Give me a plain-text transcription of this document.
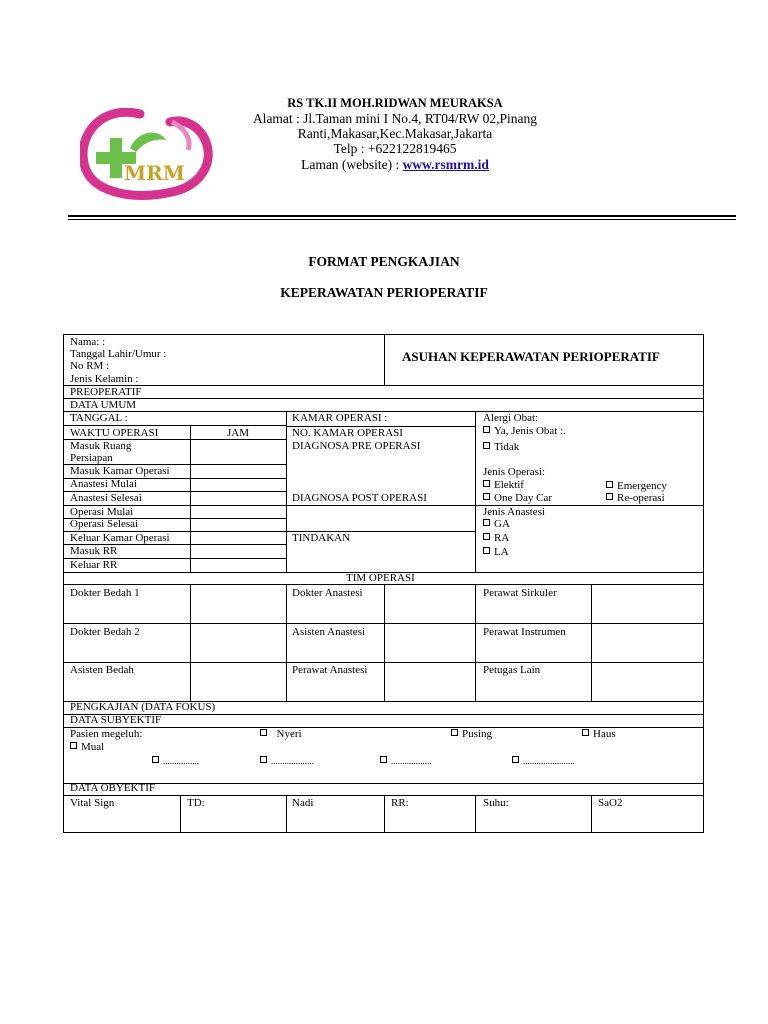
MRM
RS TK.II MOH.RIDWAN MEURAKSA
Alamat : Jl.Taman mini I No.4, RT04/RW 02,Pinang
Ranti,Makasar,Kec.Makasar,Jakarta
Telp : +622122819465
Laman (website) : www.rsmrm.id
FORMAT PENGKAJIAN
KEPERAWATAN PERIOPERATIF
Nama: :
Tanggal Lahir/Umur :
No RM :
Jenis Kelamin :
ASUHAN KEPERAWATAN PERIOPERATIF
PREOPERATIF
DATA UMUM
TANGGAL :
WAKTU OPERASI	JAM
Masuk Ruang
Persiapan
Masuk Kamar Operasi
Anastesi Mulai
Anastesi Selesai
Operasi Mulai
Operasi Selesai
Keluar Kamar Operasi
Masuk RR
Keluar RR
KAMAR OPERASI :
NO. KAMAR OPERASI
DIAGNOSA PRE OPERASI
DIAGNOSA POST OPERASI
TINDAKAN
Alergi Obat:
Ya, Jenis Obat :.
Tidak
Jenis Operasi:
Elektif	Emergency
One Day Car	Re-operasi
Jenis Anastesi
GA
RA
LA
TIM OPERASI
Dokter Bedah 1	Dokter Anastesi	Perawat Sirkuler
Dokter Bedah 2	Asisten Anastesi	Perawat Instrumen
Asisten Bedah	Perawat Anastesi	Petugas Lain
PENGKAJIAN (DATA FOKUS)
DATA SUBYEKTIF
Pasien megeluh:	Nyeri	Pusing	Haus
Mual
................	...................	..................	.......................
DATA OBYEKTIF
Vital Sign	TD:	Nadi	RR:	Suhu:	SaO2
